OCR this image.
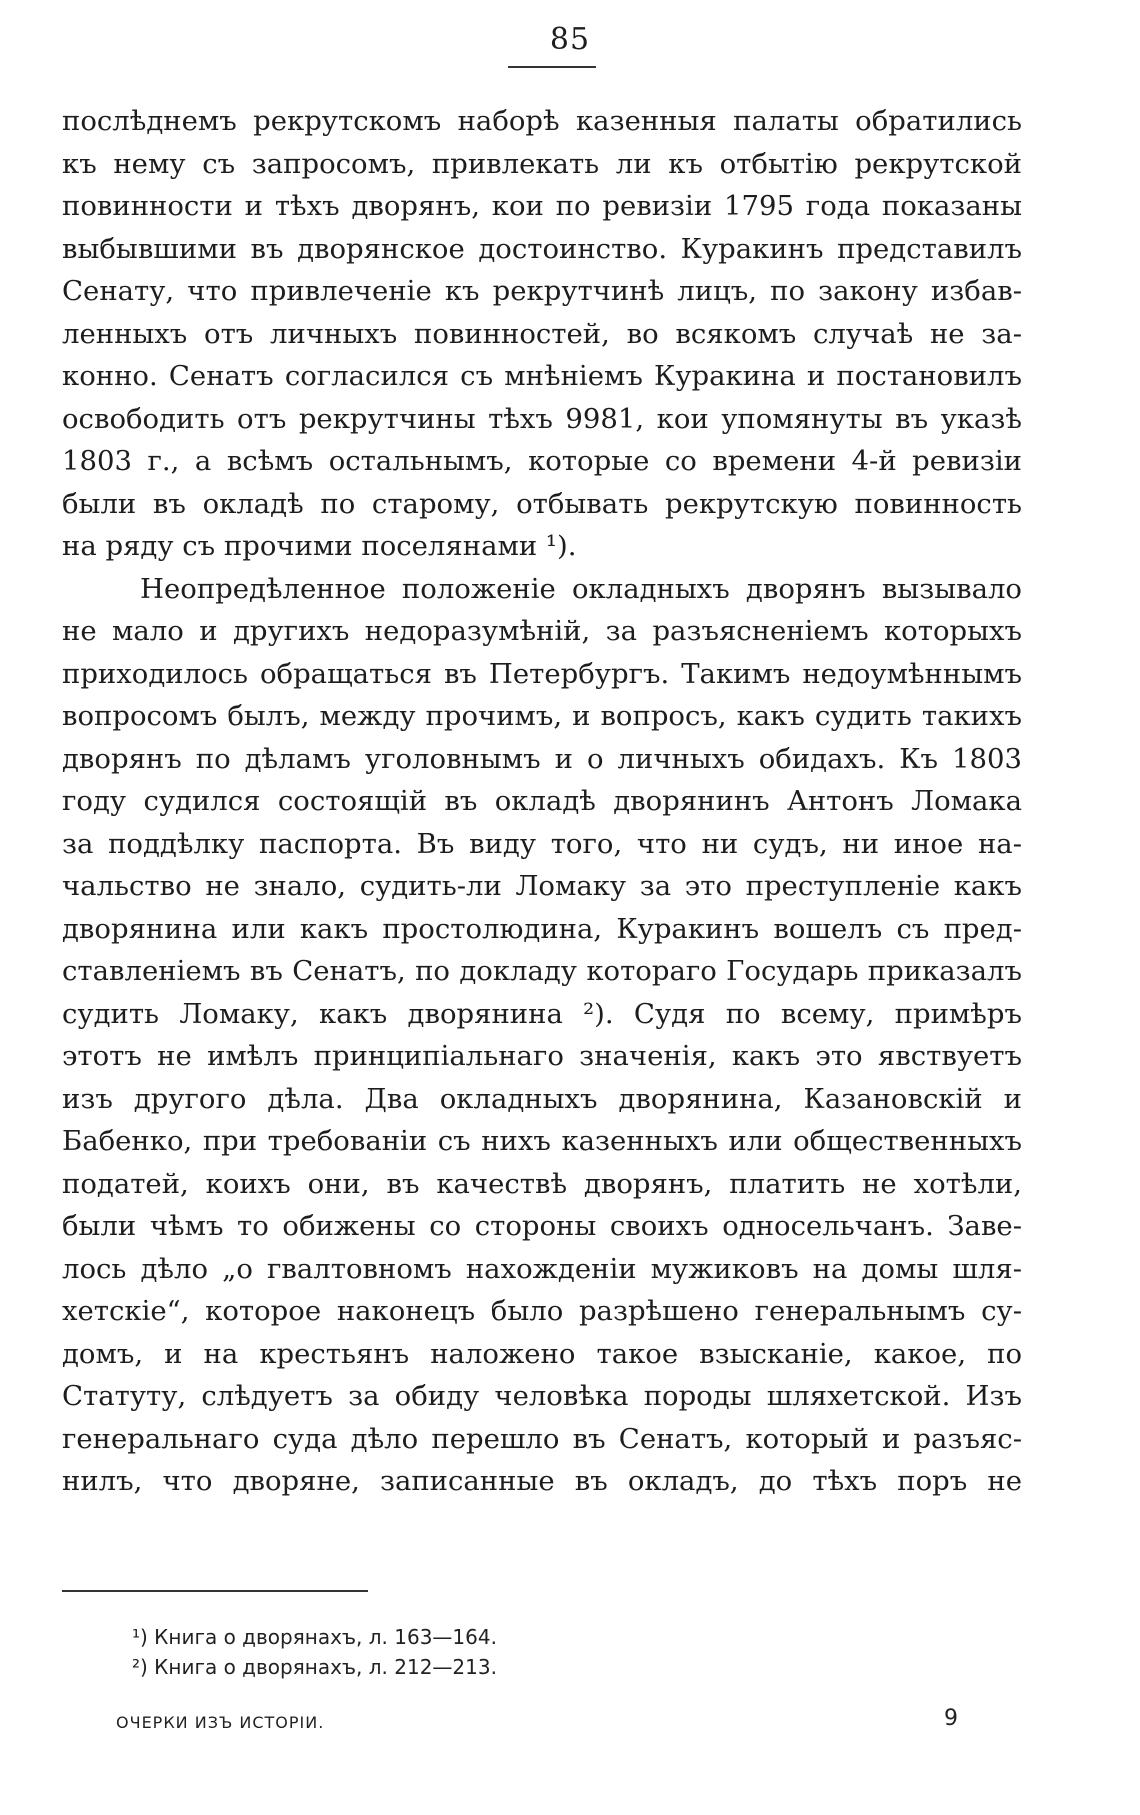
85
послѣднемъ рекрутскомъ наборѣ казенныя палаты обратились
къ нему съ запросомъ, привлекать ли къ отбытію рекрутской
повинности и тѣхъ дворянъ, кои по ревизіи 1795 года показаны
выбывшими въ дворянское достоинство. Куракинъ представилъ
Сенату, что привлеченіе къ рекрутчинѣ лицъ, по закону избав-
ленныхъ отъ личныхъ повинностей, во всякомъ случаѣ не за-
конно. Сенатъ согласился съ мнѣніемъ Куракина и постановилъ
освободить отъ рекрутчины тѣхъ 9981, кои упомянуты въ указѣ
1803 г., а всѣмъ остальнымъ, которые со времени 4-й ревизіи
были въ окладѣ по старому, отбывать рекрутскую повинность
на ряду съ прочими поселянами ¹).
Неопредѣленное положеніе окладныхъ дворянъ вызывало
не мало и другихъ недоразумѣній, за разъясненіемъ которыхъ
приходилось обращаться въ Петербургъ. Такимъ недоумѣннымъ
вопросомъ былъ, между прочимъ, и вопросъ, какъ судить такихъ
дворянъ по дѣламъ уголовнымъ и о личныхъ обидахъ. Къ 1803
году судился состоящій въ окладѣ дворянинъ Антонъ Ломака
за поддѣлку паспорта. Въ виду того, что ни судъ, ни иное на-
чальство не знало, судить-ли Ломаку за это преступленіе какъ
дворянина или какъ простолюдина, Куракинъ вошелъ съ пред-
ставленіемъ въ Сенатъ, по докладу котораго Государь приказалъ
судить Ломаку, какъ дворянина ²). Судя по всему, примѣръ
этотъ не имѣлъ принципіальнаго значенія, какъ это явствуетъ
изъ другого дѣла. Два окладныхъ дворянина, Казановскій и
Бабенко, при требованіи съ нихъ казенныхъ или общественныхъ
податей, коихъ они, въ качествѣ дворянъ, платить не хотѣли,
были чѣмъ то обижены со стороны своихъ односельчанъ. Заве-
лось дѣло „о гвалтовномъ нахожденіи мужиковъ на домы шля-
хетскіе“, которое наконецъ было разрѣшено генеральнымъ су-
домъ, и на крестьянъ наложено такое взысканіе, какое, по
Статуту, слѣдуетъ за обиду человѣка породы шляхетской. Изъ
генеральнаго суда дѣло перешло въ Сенатъ, который и разъяс-
нилъ, что дворяне, записанные въ окладъ, до тѣхъ поръ не
¹) Книга о дворянахъ, л. 163—164.
²) Книга о дворянахъ, л. 212—213.
ОЧЕРКИ ИЗЪ ИСТОРІИ.	9
